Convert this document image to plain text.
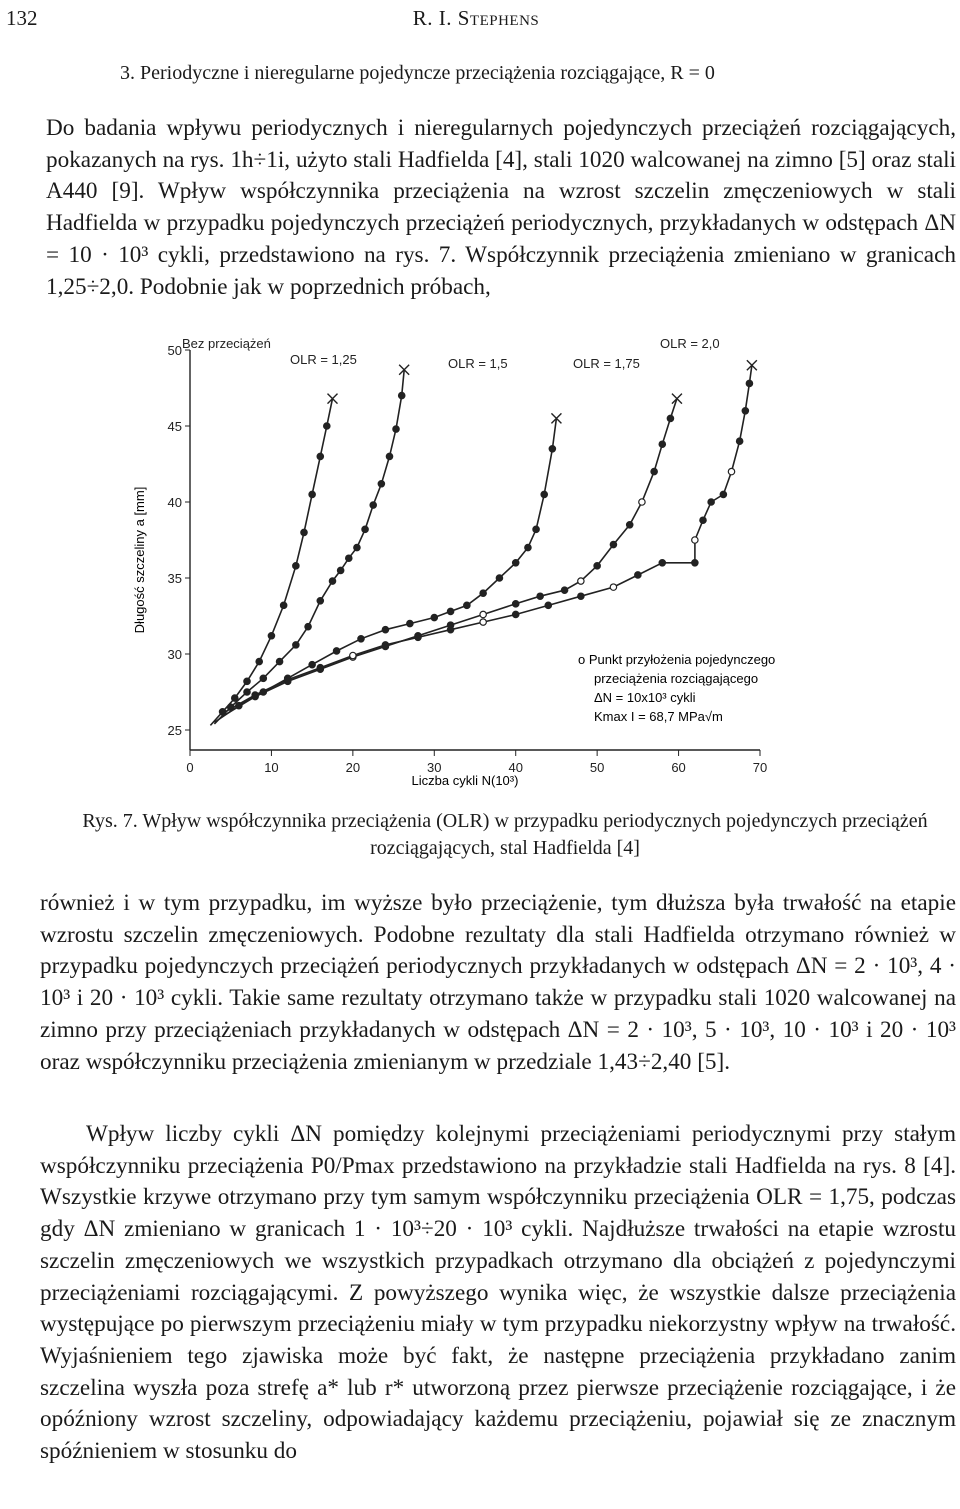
132	R. I. Stephens
3. Periodyczne i nieregularne pojedyncze przeciążenia rozciągające, R = 0
Do badania wpływu periodycznych i nieregularnych pojedynczych przeciążeń rozciągających, pokazanych na rys. 1h÷1i, użyto stali Hadfielda [4], stali 1020 walcowanej na zimno [5] oraz stali A440 [9]. Wpływ współczynnika przeciążenia na wzrost szczelin zmęczeniowych w stali Hadfielda w przypadku pojedynczych przeciążeń periodycznych, przykładanych w odstępach ΔN = 10 · 10³ cykli, przedstawiono na rys. 7. Współczynnik przeciążenia zmieniano w granicach 1,25÷2,0. Podobnie jak w poprzednich próbach,
0	10	20	30	40	50	60	70
25
30
35
40
45
50 Bez przeciążeń
OLR = 1,25	OLR = 1,5	OLR = 1,75
OLR = 2,0
Liczba cykli N(10³)
Długość szczeliny a [mm]
o Punkt przyłożenia pojedynczego
przeciążenia rozciągającego
ΔN = 10x10³ cykli
Kmax I = 68,7 MPa√m
Rys. 7. Wpływ współczynnika przeciążenia (OLR) w przypadku periodycznych pojedynczych przeciążeń rozciągających, stal Hadfielda [4]
również i w tym przypadku, im wyższe było przeciążenie, tym dłuższa była trwałość na etapie wzrostu szczelin zmęczeniowych. Podobne rezultaty dla stali Hadfielda otrzymano również w przypadku pojedynczych przeciążeń periodycznych przykładanych w odstępach ΔN = 2 · 10³, 4 · 10³ i 20 · 10³ cykli. Takie same rezultaty otrzymano także w przypadku stali 1020 walcowanej na zimno przy przeciążeniach przykładanych w odstępach ΔN = 2 · 10³, 5 · 10³, 10 · 10³ i 20 · 10³ oraz współczynniku przeciążenia zmienianym w przedziale 1,43÷2,40 [5].
Wpływ liczby cykli ΔN pomiędzy kolejnymi przeciążeniami periodycznymi przy stałym współczynniku przeciążenia P0/Pmax przedstawiono na przykładzie stali Hadfielda na rys. 8 [4]. Wszystkie krzywe otrzymano przy tym samym współczynniku przeciążenia OLR = 1,75, podczas gdy ΔN zmieniano w granicach 1 · 10³÷20 · 10³ cykli. Najdłuższe trwałości na etapie wzrostu szczelin zmęczeniowych we wszystkich przypadkach otrzymano dla obciążeń z pojedynczymi przeciążeniami rozciągającymi. Z powyższego wynika więc, że wszystkie dalsze przeciążenia występujące po pierwszym przeciążeniu miały w tym przypadku niekorzystny wpływ na trwałość. Wyjaśnieniem tego zjawiska może być fakt, że następne przeciążenia przykładano zanim szczelina wyszła poza strefę a* lub r* utworzoną przez pierwsze przeciążenie rozciągające, i że opóźniony wzrost szczeliny, odpowiadający każdemu przeciążeniu, pojawiał się ze znacznym spóźnieniem w stosunku do
